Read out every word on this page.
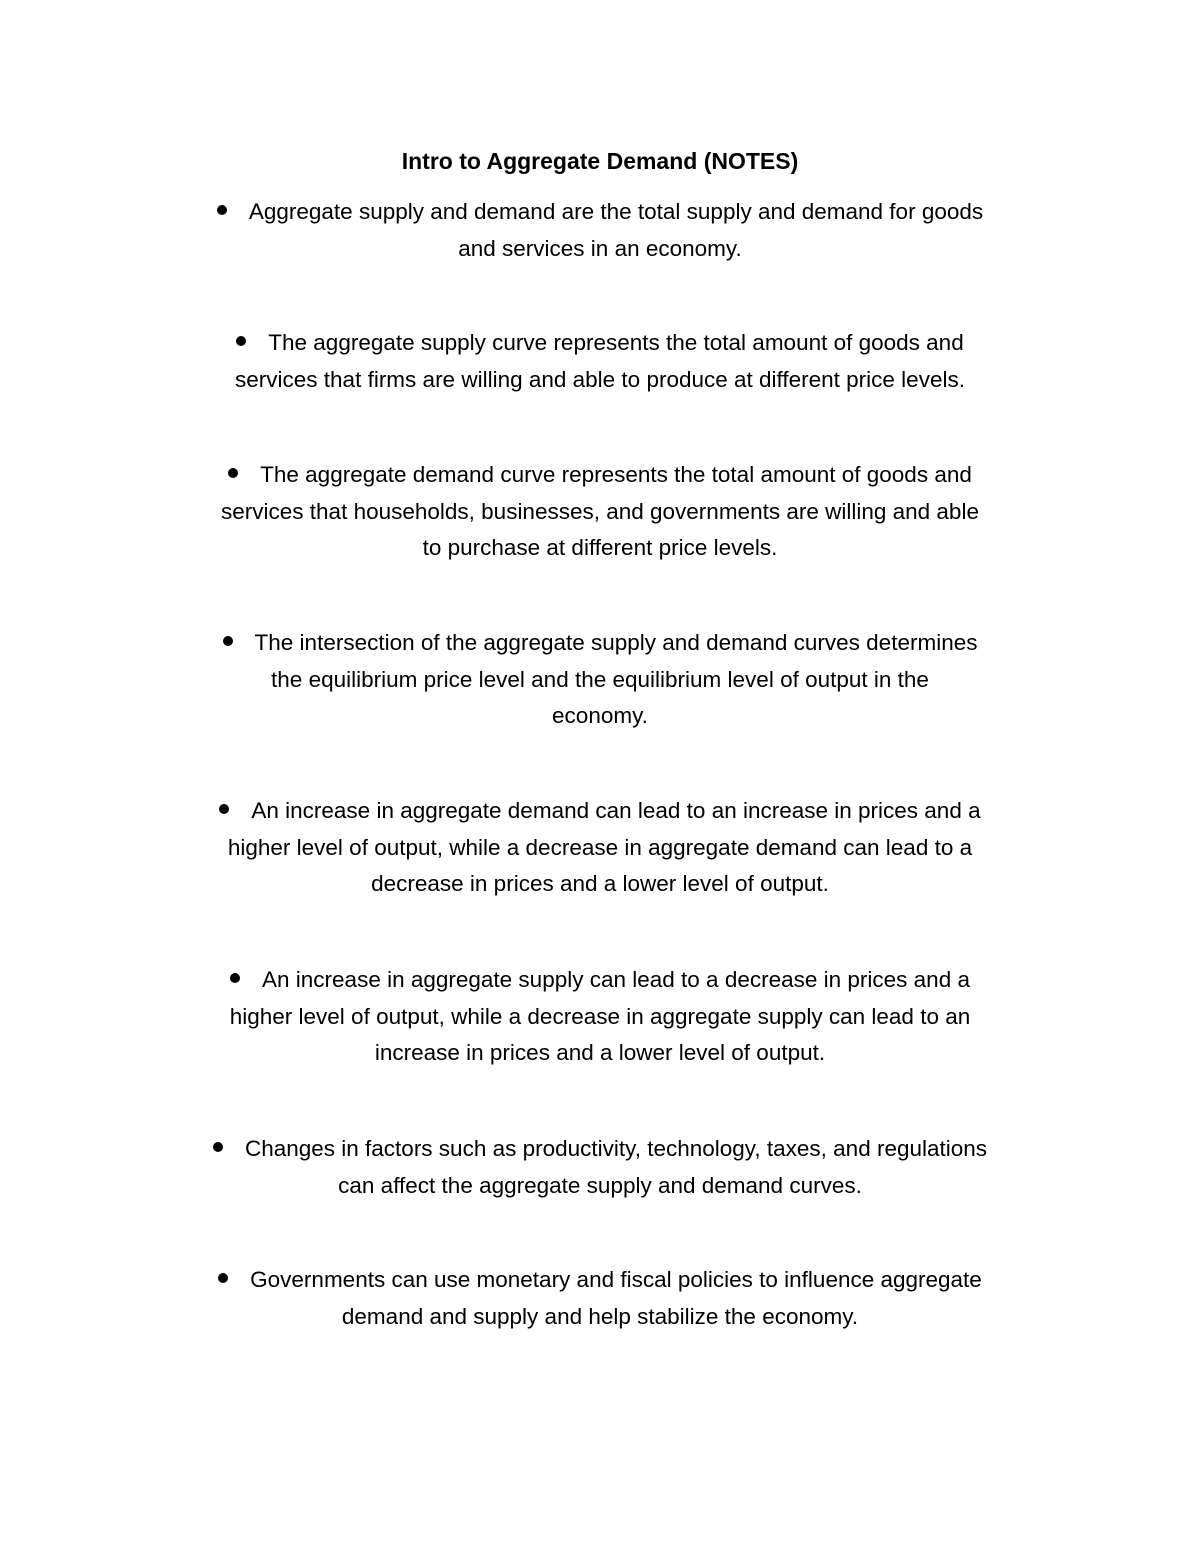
Intro to Aggregate Demand (NOTES)

Aggregate supply and demand are the total supply and demand for goods
and services in an economy.

The aggregate supply curve represents the total amount of goods and
services that firms are willing and able to produce at different price levels.

The aggregate demand curve represents the total amount of goods and
services that households, businesses, and governments are willing and able
to purchase at different price levels.

The intersection of the aggregate supply and demand curves determines
the equilibrium price level and the equilibrium level of output in the
economy.

An increase in aggregate demand can lead to an increase in prices and a
higher level of output, while a decrease in aggregate demand can lead to a
decrease in prices and a lower level of output.

An increase in aggregate supply can lead to a decrease in prices and a
higher level of output, while a decrease in aggregate supply can lead to an
increase in prices and a lower level of output.

Changes in factors such as productivity, technology, taxes, and regulations
can affect the aggregate supply and demand curves.

Governments can use monetary and fiscal policies to influence aggregate
demand and supply and help stabilize the economy.
